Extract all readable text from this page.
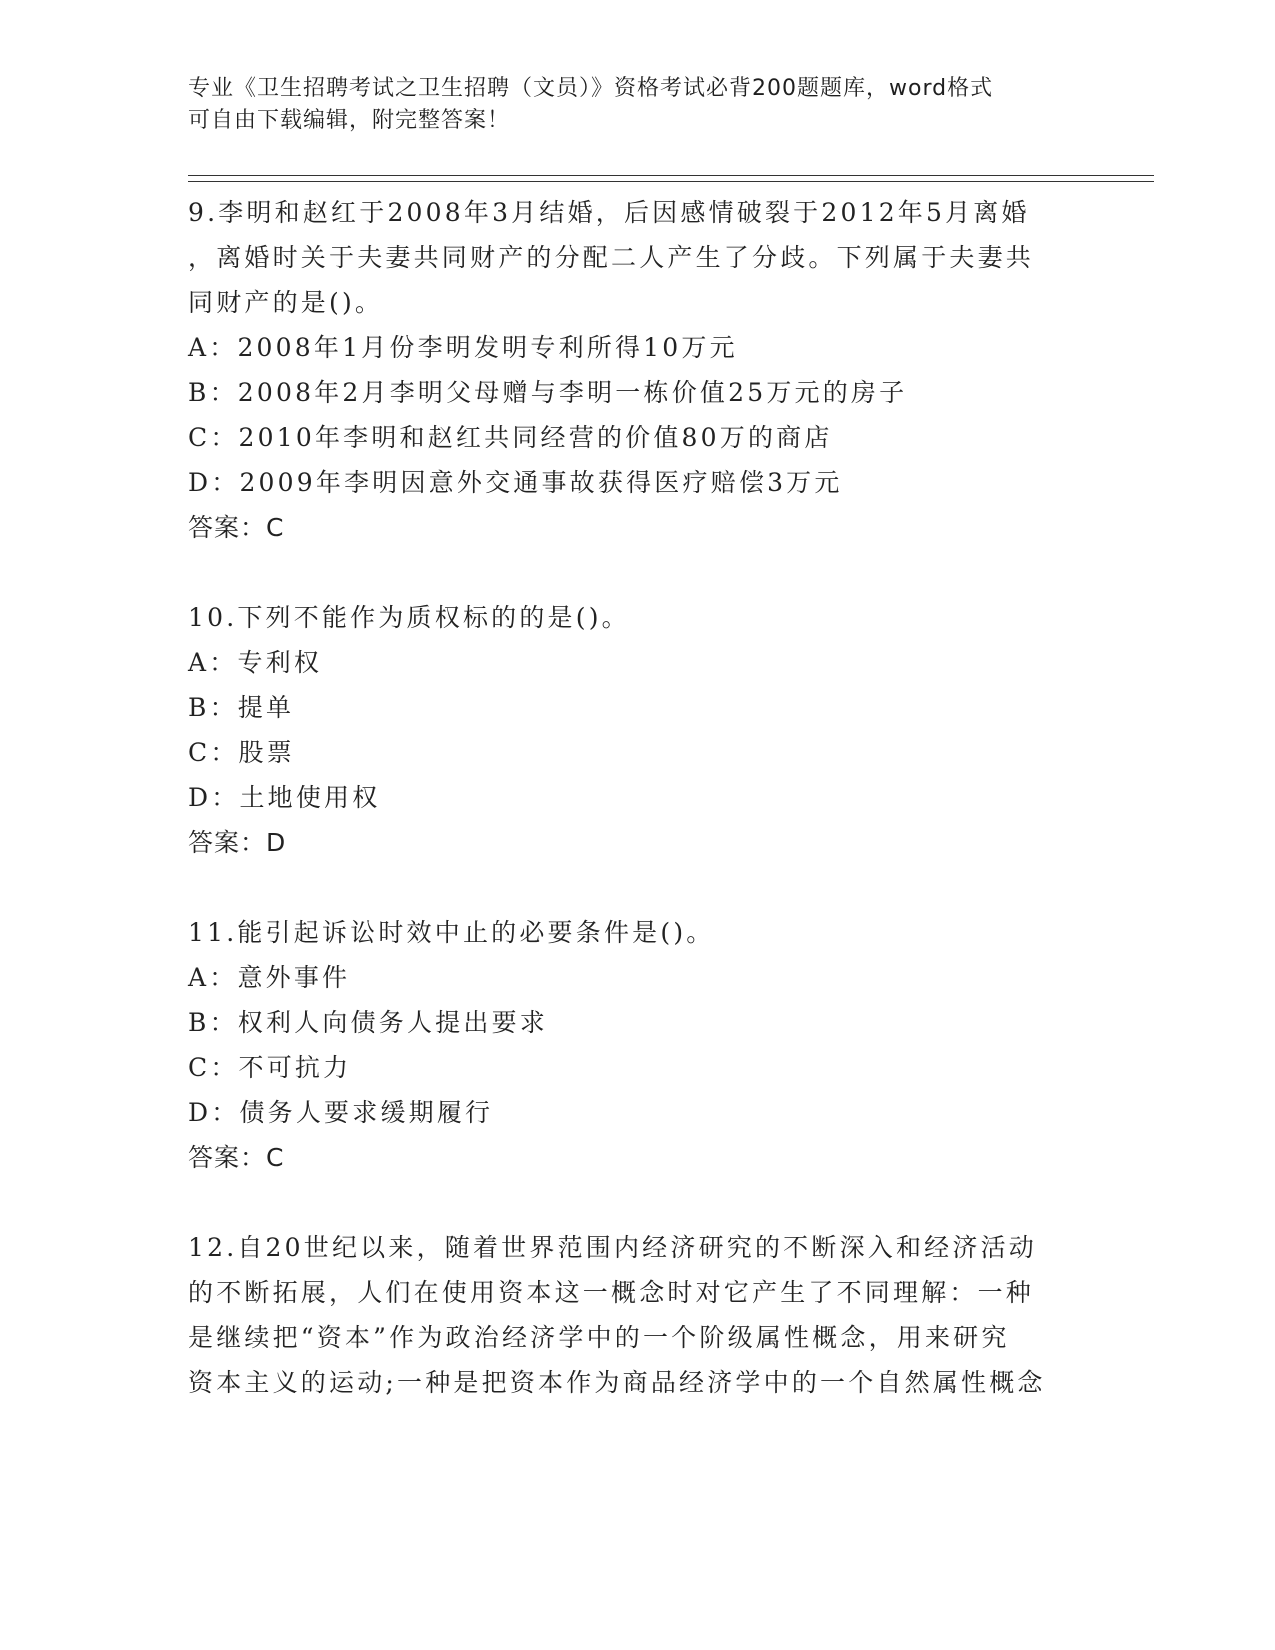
专业《卫生招聘考试之卫生招聘（文员）》资格考试必背200题题库，word格式
可自由下载编辑，附完整答案！
9.李明和赵红于2008年3月结婚，后因感情破裂于2012年5月离婚
，离婚时关于夫妻共同财产的分配二人产生了分歧。下列属于夫妻共
同财产的是()。
A：2008年1月份李明发明专利所得10万元
B：2008年2月李明父母赠与李明一栋价值25万元的房子
C：2010年李明和赵红共同经营的价值80万的商店
D：2009年李明因意外交通事故获得医疗赔偿3万元
答案：C
10.下列不能作为质权标的的是()。
A：专利权
B：提单
C：股票
D：土地使用权
答案：D
11.能引起诉讼时效中止的必要条件是()。
A：意外事件
B：权利人向债务人提出要求
C：不可抗力
D：债务人要求缓期履行
答案：C
12.自20世纪以来，随着世界范围内经济研究的不断深入和经济活动
的不断拓展，人们在使用资本这一概念时对它产生了不同理解：一种
是继续把“资本”作为政治经济学中的一个阶级属性概念，用来研究
资本主义的运动;一种是把资本作为商品经济学中的一个自然属性概念
